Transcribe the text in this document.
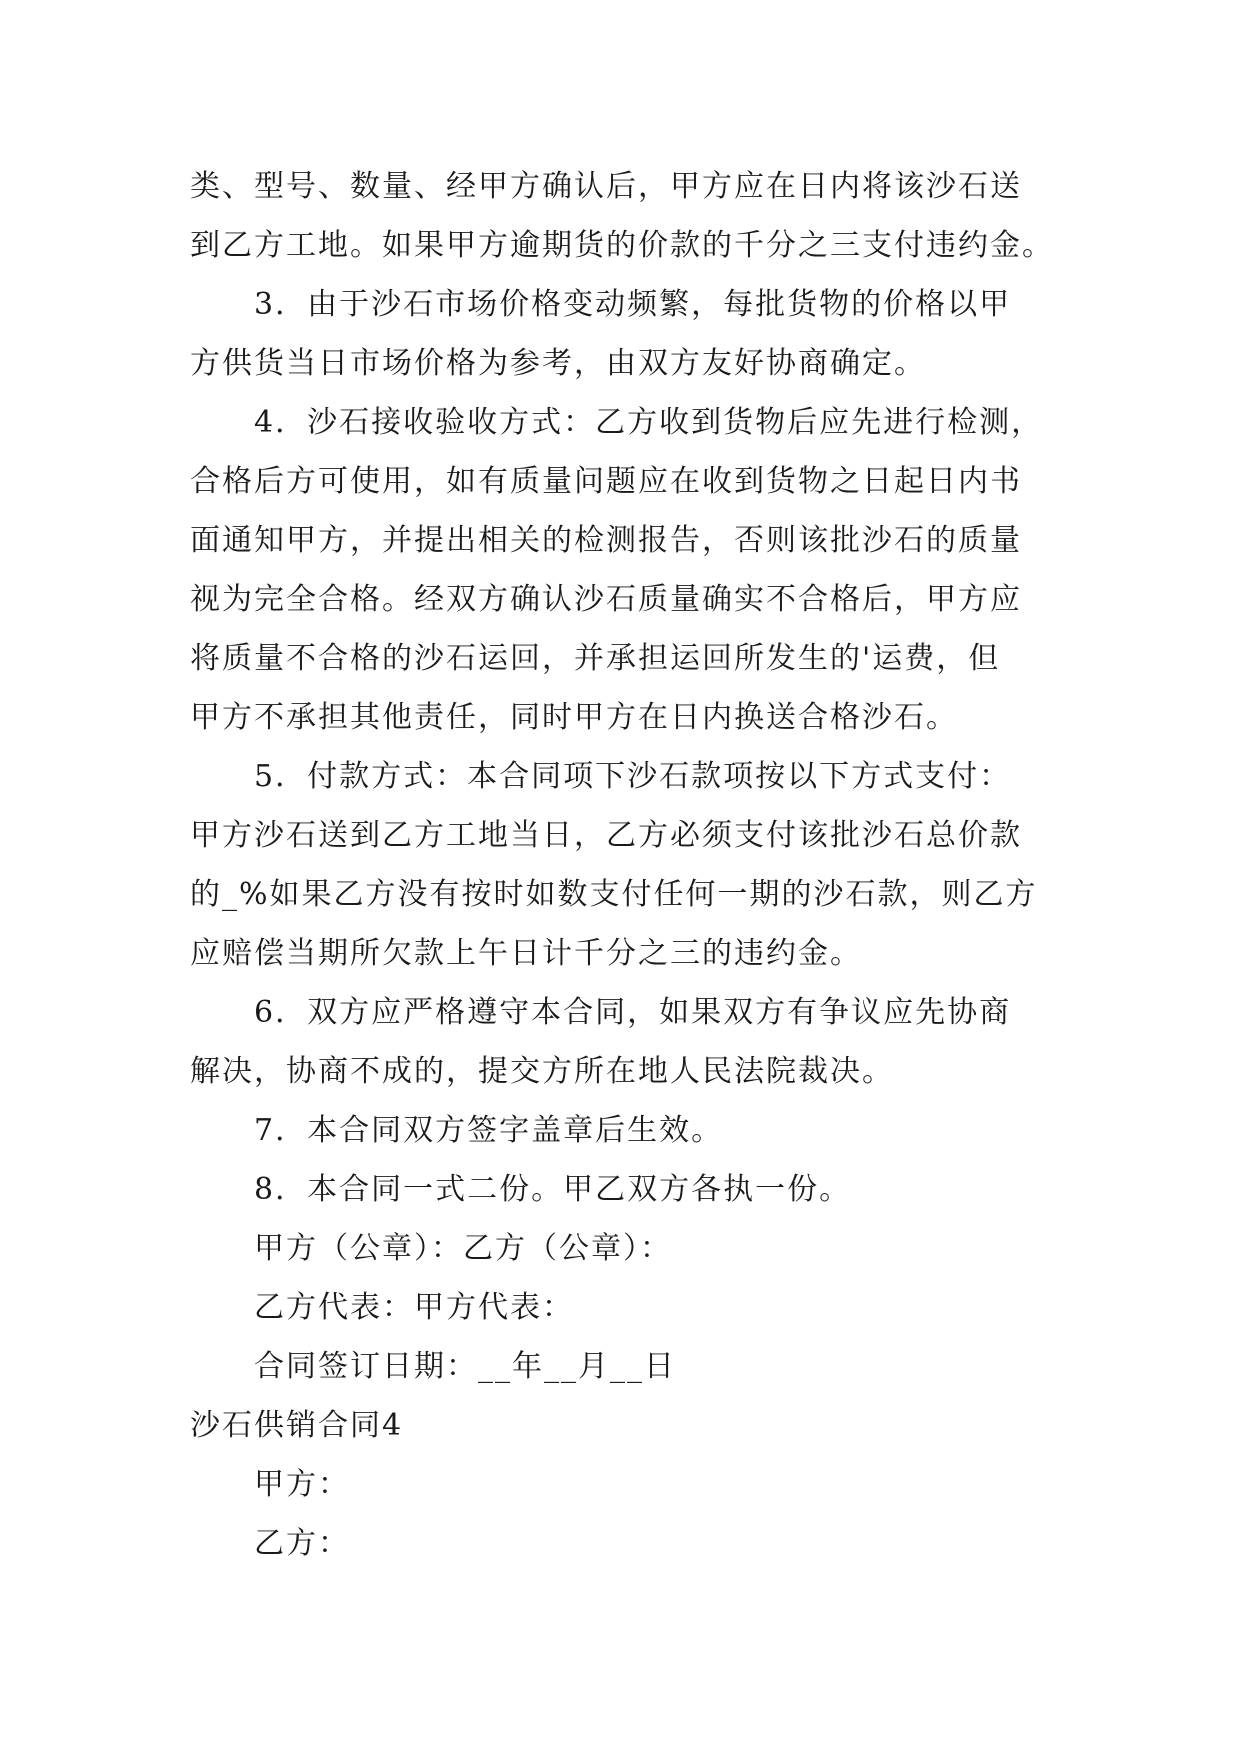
类、型号、数量、经甲方确认后，甲方应在日内将该沙石送
到乙方工地。如果甲方逾期货的价款的千分之三支付违约金。
3．由于沙石市场价格变动频繁，每批货物的价格以甲
方供货当日市场价格为参考，由双方友好协商确定。
4．沙石接收验收方式：乙方收到货物后应先进行检测，
合格后方可使用，如有质量问题应在收到货物之日起日内书
面通知甲方，并提出相关的检测报告，否则该批沙石的质量
视为完全合格。经双方确认沙石质量确实不合格后，甲方应
将质量不合格的沙石运回，并承担运回所发生的'运费，但
甲方不承担其他责任，同时甲方在日内换送合格沙石。
5．付款方式：本合同项下沙石款项按以下方式支付：
甲方沙石送到乙方工地当日，乙方必须支付该批沙石总价款
的_%如果乙方没有按时如数支付任何一期的沙石款，则乙方
应赔偿当期所欠款上午日计千分之三的违约金。
6．双方应严格遵守本合同，如果双方有争议应先协商
解决，协商不成的，提交方所在地人民法院裁决。
7．本合同双方签字盖章后生效。
8．本合同一式二份。甲乙双方各执一份。
甲方（公章）：乙方（公章）：
乙方代表：甲方代表：
合同签订日期：__年__月__日
沙石供销合同4
甲方：
乙方：
